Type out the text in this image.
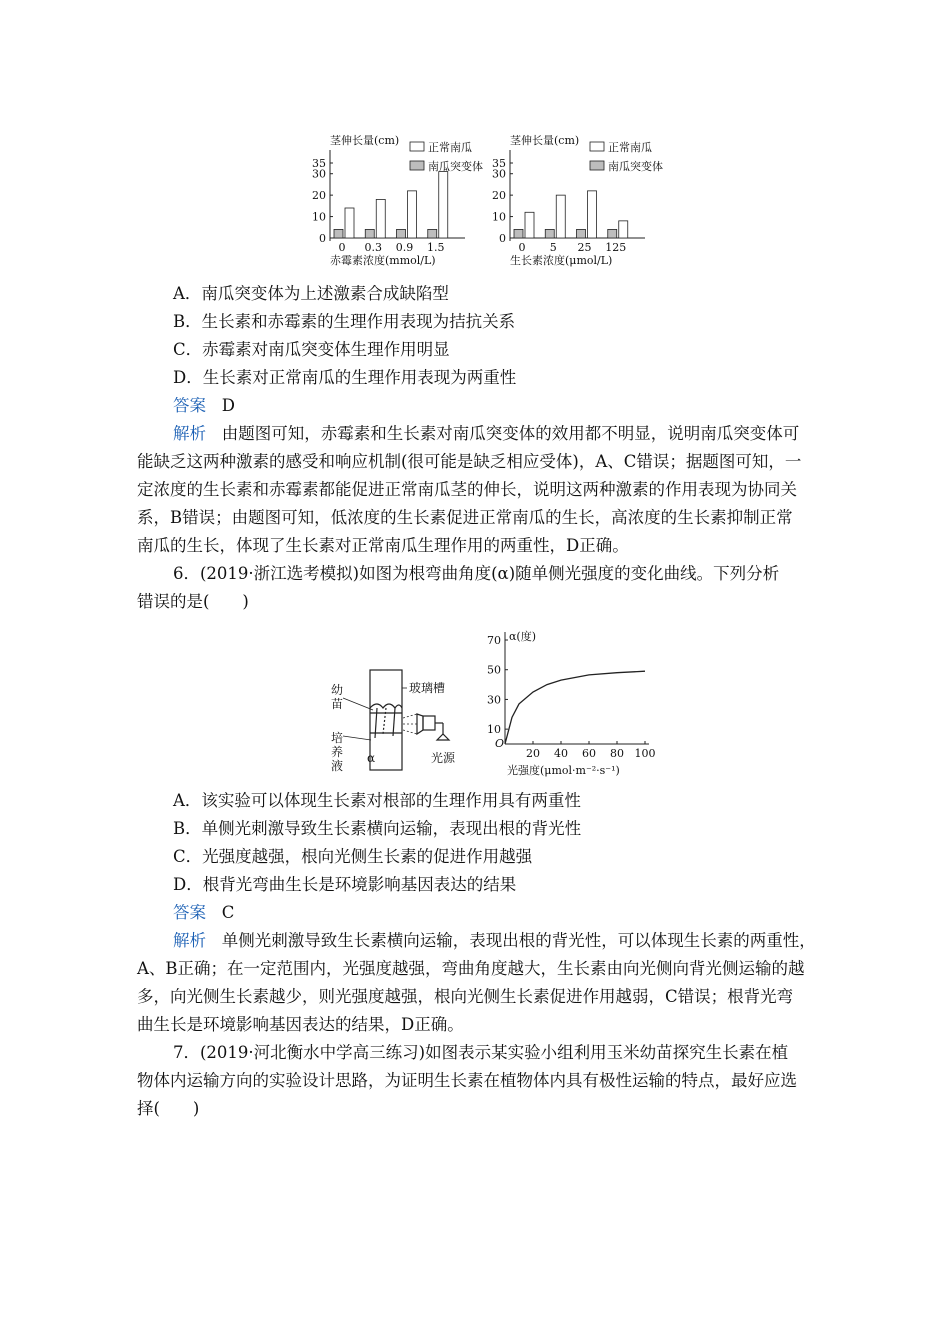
茎伸长量(cm)
0
10
20
30
35
0 0.3 0.9 1.5
赤霉素浓度(mmol/L)
正常南瓜
南瓜突变体
茎伸长量(cm)
0
10
20
30
35
0 5 25 125
生长素浓度(μmol/L)
正常南瓜
南瓜突变体
A．南瓜突变体为上述激素合成缺陷型
B．生长素和赤霉素的生理作用表现为拮抗关系
C．赤霉素对南瓜突变体生理作用明显
D．生长素对正常南瓜的生理作用表现为两重性
答案 D
解析 由题图可知，赤霉素和生长素对南瓜突变体的效用都不明显，说明南瓜突变体可
能缺乏这两种激素的感受和响应机制(很可能是缺乏相应受体)，A、C错误；据题图可知，一
定浓度的生长素和赤霉素都能促进正常南瓜茎的伸长，说明这两种激素的作用表现为协同关
系，B错误；由题图可知，低浓度的生长素促进正常南瓜的生长，高浓度的生长素抑制正常
南瓜的生长，体现了生长素对正常南瓜生理作用的两重性，D正确。
6．(2019·浙江选考模拟)如图为根弯曲角度(α)随单侧光强度的变化曲线。下列分析
错误的是(　　)
幼
苗
培
养
液
玻璃槽
α	光源
α(度)
O
10
30
50
70
20 40 60 80 100
光强度(μmol·m⁻²·s⁻¹)
A．该实验可以体现生长素对根部的生理作用具有两重性
B．单侧光刺激导致生长素横向运输，表现出根的背光性
C．光强度越强，根向光侧生长素的促进作用越强
D．根背光弯曲生长是环境影响基因表达的结果
答案 C
解析 单侧光刺激导致生长素横向运输，表现出根的背光性，可以体现生长素的两重性，
A、B正确；在一定范围内，光强度越强，弯曲角度越大，生长素由向光侧向背光侧运输的越
多，向光侧生长素越少，则光强度越强，根向光侧生长素促进作用越弱，C错误；根背光弯
曲生长是环境影响基因表达的结果，D正确。
7．(2019·河北衡水中学高三练习)如图表示某实验小组利用玉米幼苗探究生长素在植
物体内运输方向的实验设计思路，为证明生长素在植物体内具有极性运输的特点，最好应选
择(　　)
